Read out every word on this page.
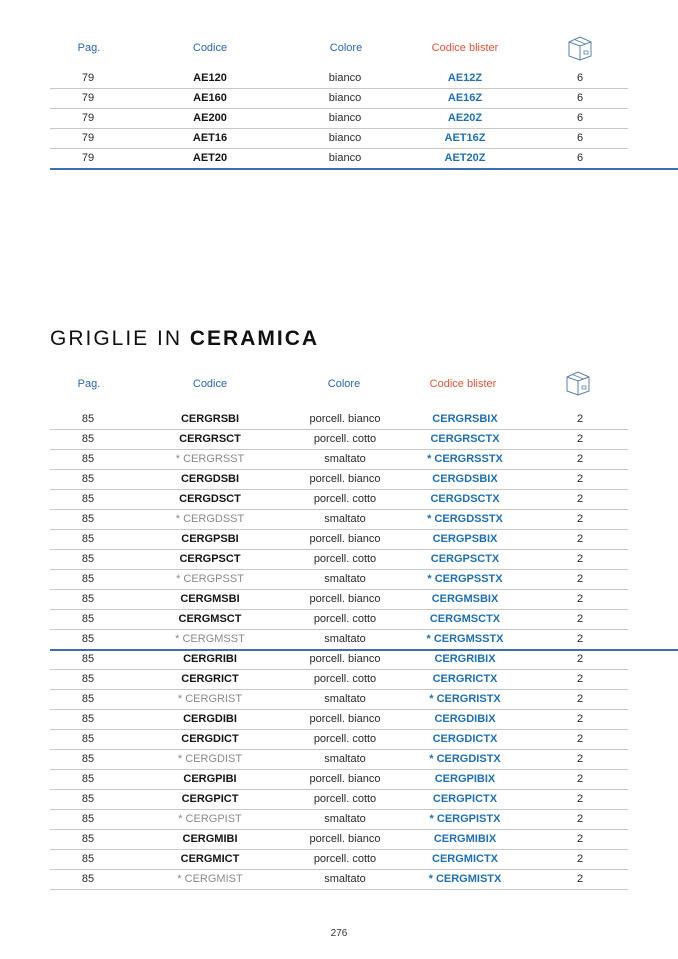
Pag.	Codice	Colore	Codice blister
79	AE120	bianco	AE12Z	6
79	AE160	bianco	AE16Z	6
79	AE200	bianco	AE20Z	6
79	AET16	bianco	AET16Z	6
79	AET20	bianco	AET20Z	6
GRIGLIE IN CERAMICA
Pag.	Codice	Colore	Codice blister
85	CERGRSBI	porcell. bianco	CERGRSBIX	2
85	CERGRSCT	porcell. cotto	CERGRSCTX	2
85	* CERGRSST	smaltato	* CERGRSSTX	2
85	CERGDSBI	porcell. bianco	CERGDSBIX	2
85	CERGDSCT	porcell. cotto	CERGDSCTX	2
85	* CERGDSST	smaltato	* CERGDSSTX	2
85	CERGPSBI	porcell. bianco	CERGPSBIX	2
85	CERGPSCT	porcell. cotto	CERGPSCTX	2
85	* CERGPSST	smaltato	* CERGPSSTX	2
85	CERGMSBI	porcell. bianco	CERGMSBIX	2
85	CERGMSCT	porcell. cotto	CERGMSCTX	2
85	* CERGMSST	smaltato	* CERGMSSTX	2
85	CERGRIBI	porcell. bianco	CERGRIBIX	2
85	CERGRICT	porcell. cotto	CERGRICTX	2
85	* CERGRIST	smaltato	* CERGRISTX	2
85	CERGDIBI	porcell. bianco	CERGDIBIX	2
85	CERGDICT	porcell. cotto	CERGDICTX	2
85	* CERGDIST	smaltato	* CERGDISTX	2
85	CERGPIBI	porcell. bianco	CERGPIBIX	2
85	CERGPICT	porcell. cotto	CERGPICTX	2
85	* CERGPIST	smaltato	* CERGPISTX	2
85	CERGMIBI	porcell. bianco	CERGMIBIX	2
85	CERGMICT	porcell. cotto	CERGMICTX	2
85	* CERGMIST	smaltato	* CERGMISTX	2
276
